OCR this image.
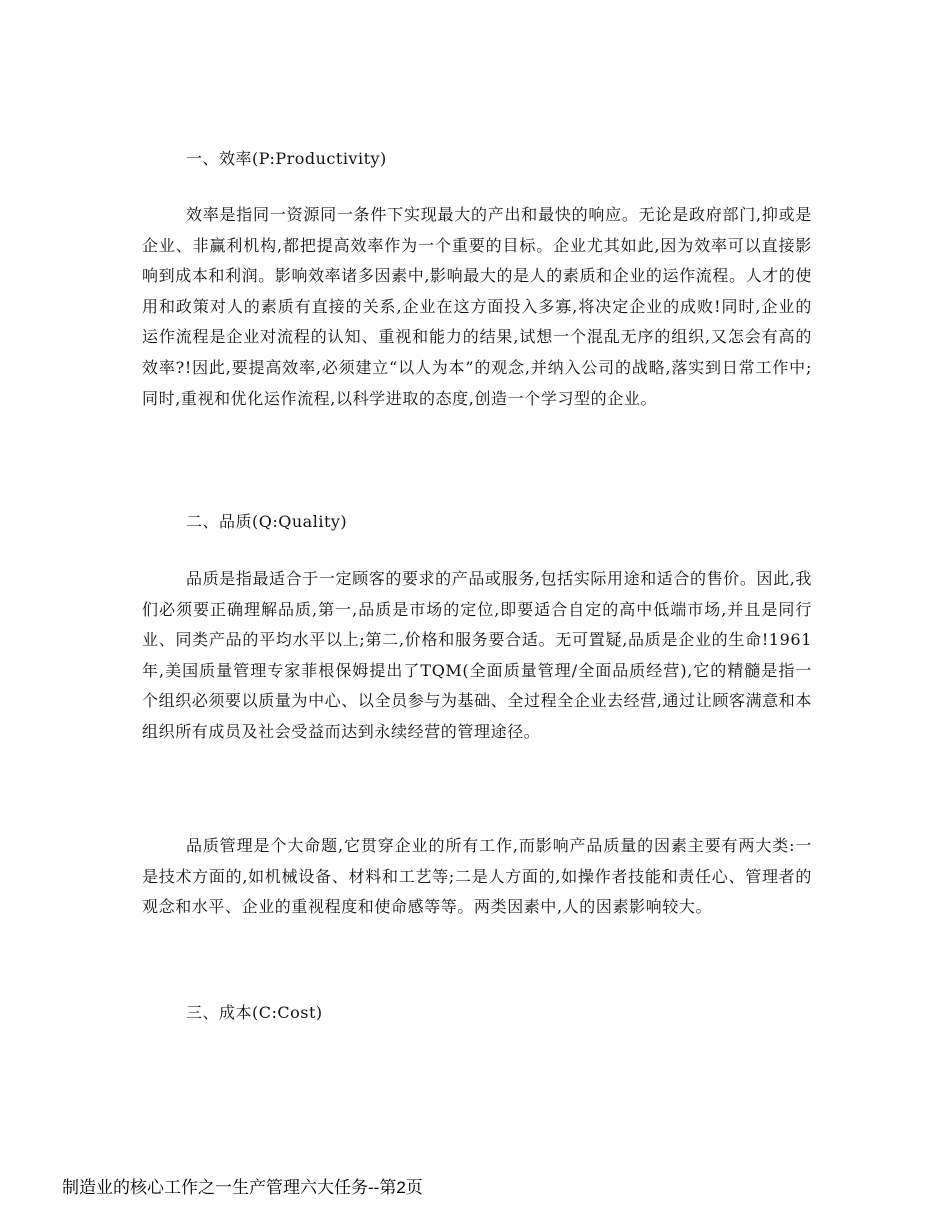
一、效率(P:Productivity)

效率是指同一资源同一条件下实现最大的产出和最快的响应。无论是政府部门,抑或是企业、非赢利机构,都把提高效率作为一个重要的目标。企业尤其如此,因为效率可以直接影响到成本和利润。影响效率诸多因素中,影响最大的是人的素质和企业的运作流程。人才的使用和政策对人的素质有直接的关系,企业在这方面投入多寡,将决定企业的成败!同时,企业的运作流程是企业对流程的认知、重视和能力的结果,试想一个混乱无序的组织,又怎会有高的效率?!因此,要提高效率,必须建立“以人为本”的观念,并纳入公司的战略,落实到日常工作中;同时,重视和优化运作流程,以科学进取的态度,创造一个学习型的企业。

二、品质(Q:Quality)

品质是指最适合于一定顾客的要求的产品或服务,包括实际用途和适合的售价。因此,我们必须要正确理解品质,第一,品质是市场的定位,即要适合自定的高中低端市场,并且是同行业、同类产品的平均水平以上;第二,价格和服务要合适。无可置疑,品质是企业的生命!1961年,美国质量管理专家菲根保姆提出了TQM(全面质量管理/全面品质经营),它的精髓是指一个组织必须要以质量为中心、以全员参与为基础、全过程全企业去经营,通过让顾客满意和本组织所有成员及社会受益而达到永续经营的管理途径。

品质管理是个大命题,它贯穿企业的所有工作,而影响产品质量的因素主要有两大类:一是技术方面的,如机械设备、材料和工艺等;二是人方面的,如操作者技能和责任心、管理者的观念和水平、企业的重视程度和使命感等等。两类因素中,人的因素影响较大。

三、成本(C:Cost)
制造业的核心工作之一生产管理六大任务--第2页
